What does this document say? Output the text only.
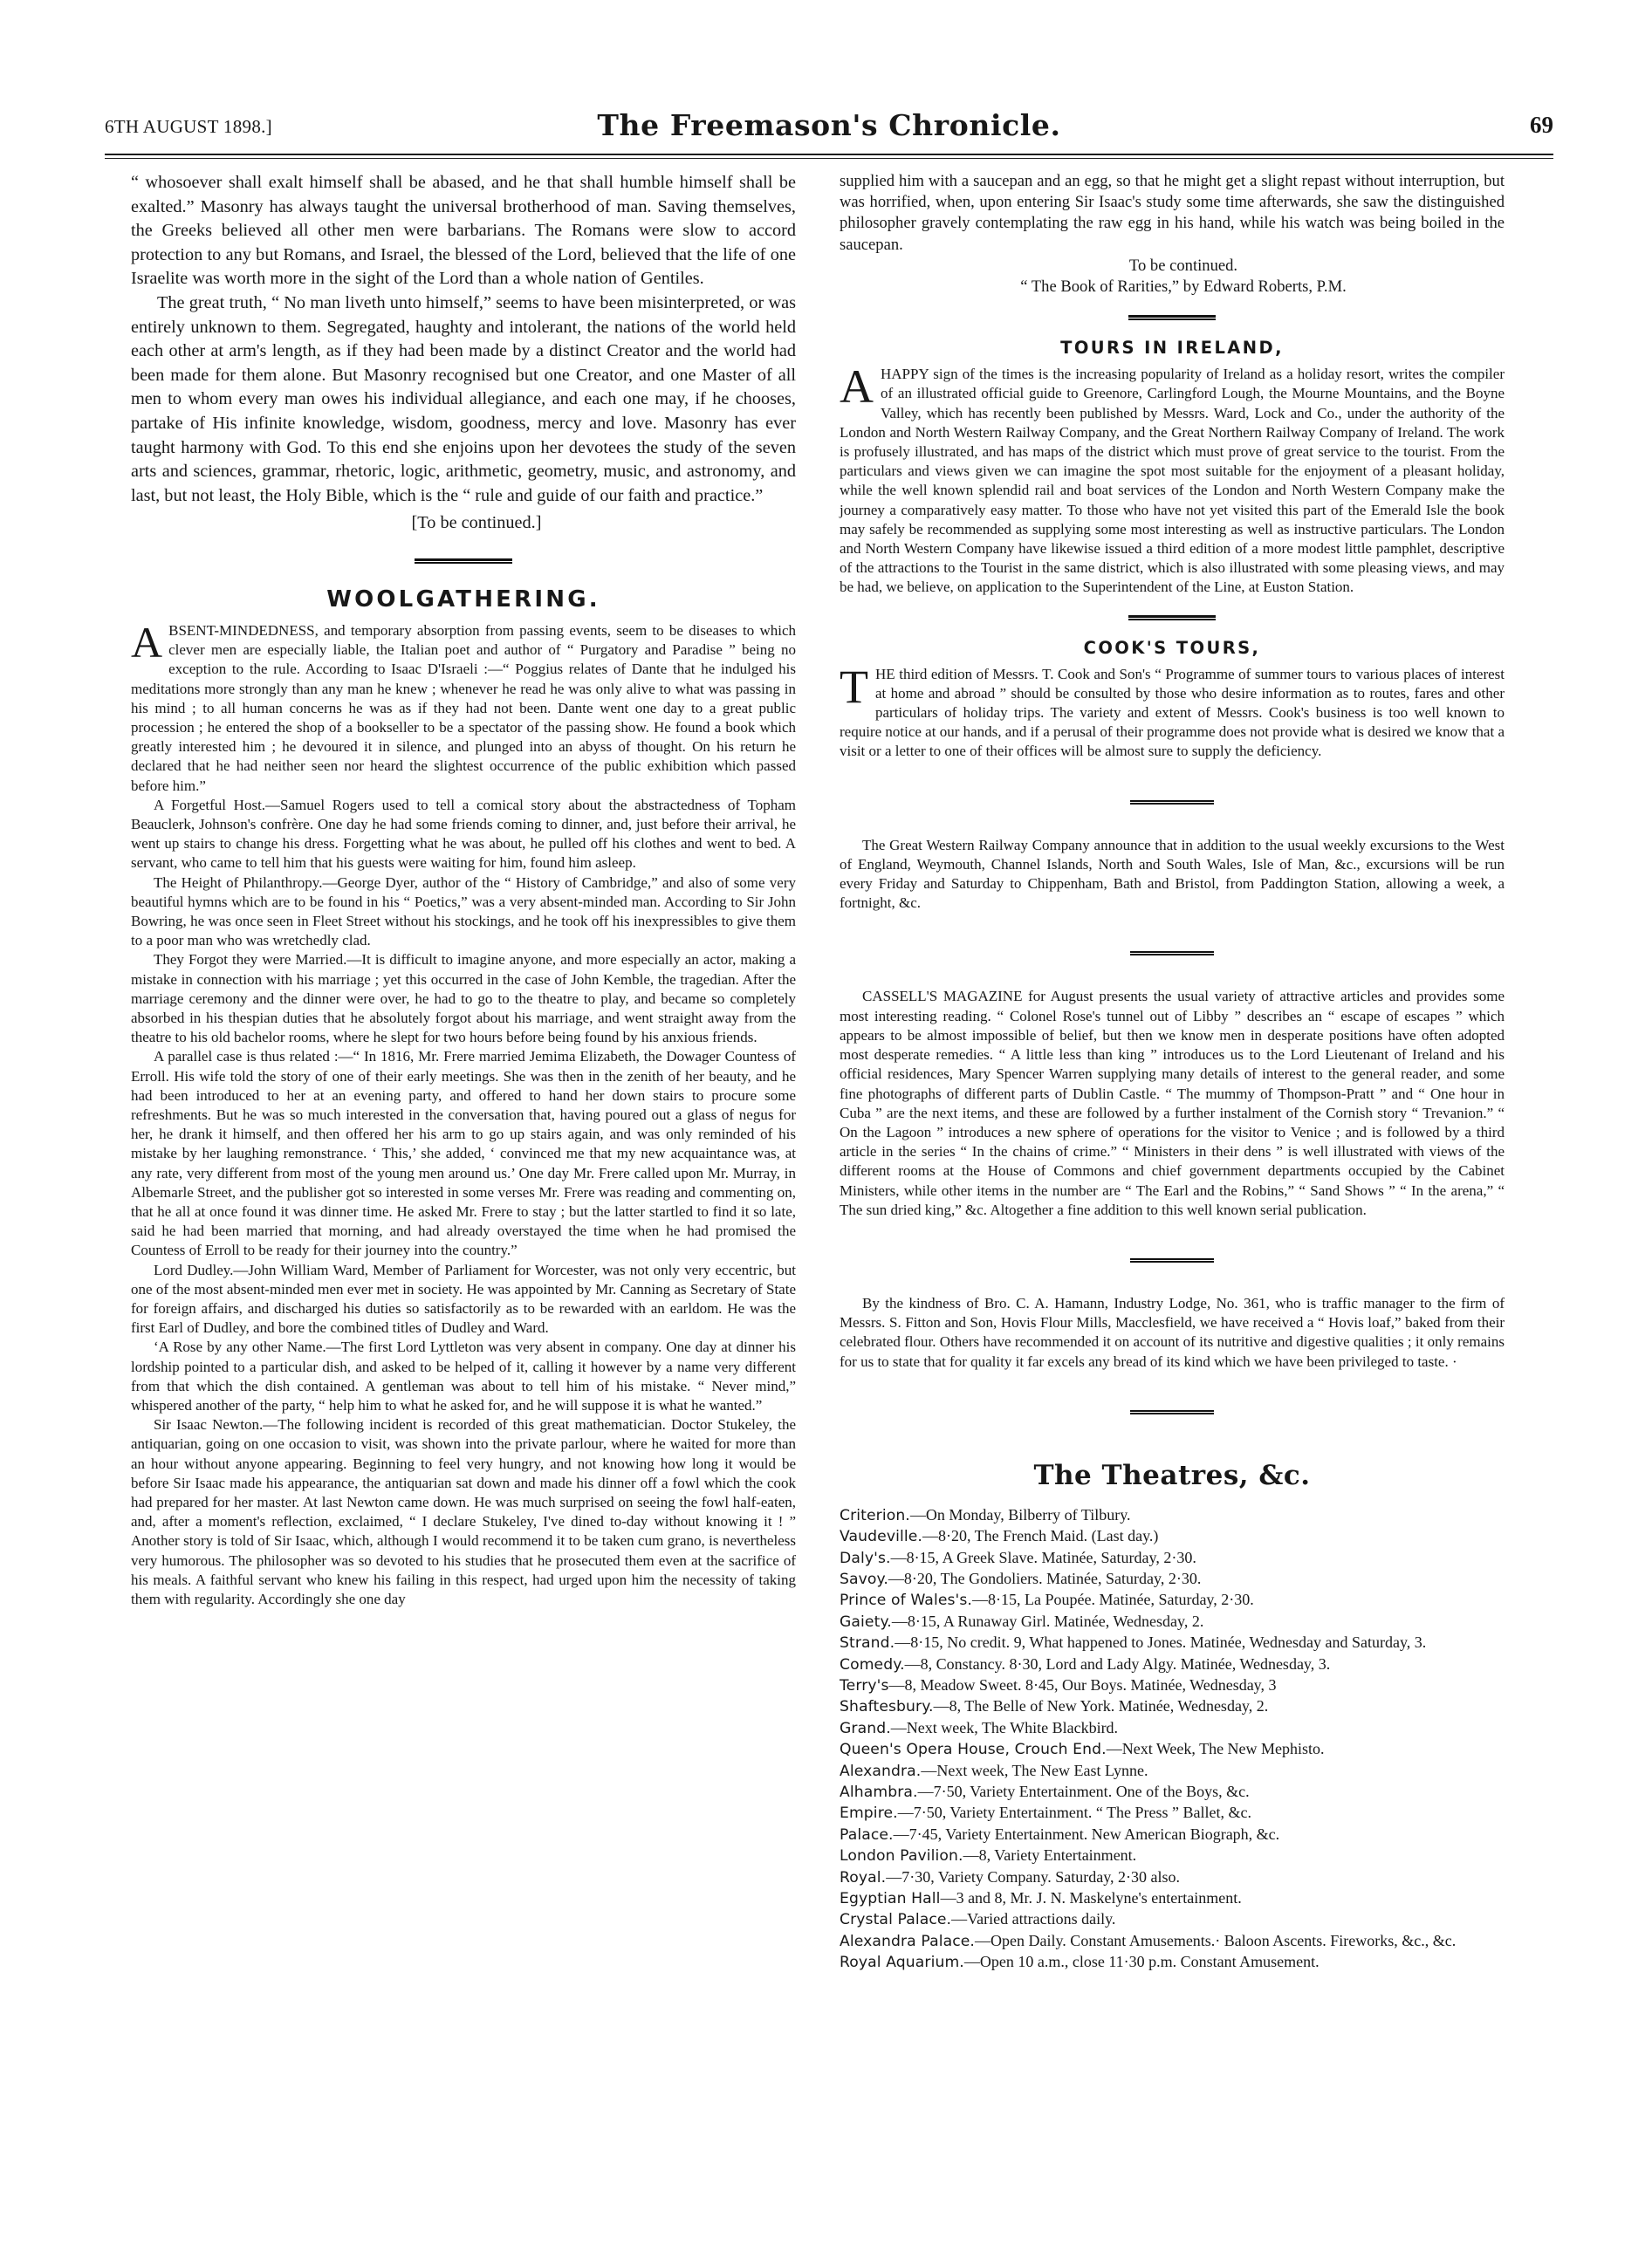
6TH AUGUST 1898.]	The Freemason's Chronicle.	69

“ whosoever shall exalt himself shall be abased, and he that shall humble himself shall be exalted.” Masonry has always taught the universal brotherhood of man. Saving themselves, the Greeks believed all other men were barbarians. The Romans were slow to accord protection to any but Romans, and Israel, the blessed of the Lord, believed that the life of one Israelite was worth more in the sight of the Lord than a whole nation of Gentiles.

The great truth, “ No man liveth unto himself,” seems to have been misinterpreted, or was entirely unknown to them. Segregated, haughty and intolerant, the nations of the world held each other at arm's length, as if they had been made by a distinct Creator and the world had been made for them alone. But Masonry recognised but one Creator, and one Master of all men to whom every man owes his individual allegiance, and each one may, if he chooses, partake of His infinite knowledge, wisdom, goodness, mercy and love. Masonry has ever taught harmony with God. To this end she enjoins upon her devotees the study of the seven arts and sciences, grammar, rhetoric, logic, arithmetic, geometry, music, and astronomy, and last, but not least, the Holy Bible, which is the “ rule and guide of our faith and practice.”

[To be continued.]

WOOLGATHERING.

ABSENT-MINDEDNESS, and temporary absorption from passing events, seem to be diseases to which clever men are especially liable, the Italian poet and author of “ Purgatory and Paradise ” being no exception to the rule. According to Isaac D'Israeli :—“ Poggius relates of Dante that he indulged his meditations more strongly than any man he knew ; whenever he read he was only alive to what was passing in his mind ; to all human concerns he was as if they had not been. Dante went one day to a great public procession ; he entered the shop of a bookseller to be a spectator of the passing show. He found a book which greatly interested him ; he devoured it in silence, and plunged into an abyss of thought. On his return he declared that he had neither seen nor heard the slightest occurrence of the public exhibition which passed before him.”

A Forgetful Host.—Samuel Rogers used to tell a comical story about the abstractedness of Topham Beauclerk, Johnson's confrère. One day he had some friends coming to dinner, and, just before their arrival, he went up stairs to change his dress. Forgetting what he was about, he pulled off his clothes and went to bed. A servant, who came to tell him that his guests were waiting for him, found him asleep.

The Height of Philanthropy.—George Dyer, author of the “ History of Cambridge,” and also of some very beautiful hymns which are to be found in his “ Poetics,” was a very absent-minded man. According to Sir John Bowring, he was once seen in Fleet Street without his stockings, and he took off his inexpressibles to give them to a poor man who was wretchedly clad.

They Forgot they were Married.—It is difficult to imagine anyone, and more especially an actor, making a mistake in connection with his marriage ; yet this occurred in the case of John Kemble, the tragedian. After the marriage ceremony and the dinner were over, he had to go to the theatre to play, and became so completely absorbed in his thespian duties that he absolutely forgot about his marriage, and went straight away from the theatre to his old bachelor rooms, where he slept for two hours before being found by his anxious friends.

A parallel case is thus related :—“ In 1816, Mr. Frere married Jemima Elizabeth, the Dowager Countess of Erroll. His wife told the story of one of their early meetings. She was then in the zenith of her beauty, and he had been introduced to her at an evening party, and offered to hand her down stairs to procure some refreshments. But he was so much interested in the conversation that, having poured out a glass of negus for her, he drank it himself, and then offered her his arm to go up stairs again, and was only reminded of his mistake by her laughing remonstrance. ‘ This,’ she added, ‘ convinced me that my new acquaintance was, at any rate, very different from most of the young men around us.’ One day Mr. Frere called upon Mr. Murray, in Albemarle Street, and the publisher got so interested in some verses Mr. Frere was reading and commenting on, that he all at once found it was dinner time. He asked Mr. Frere to stay ; but the latter startled to find it so late, said he had been married that morning, and had already overstayed the time when he had promised the Countess of Erroll to be ready for their journey into the country.”

Lord Dudley.—John William Ward, Member of Parliament for Worcester, was not only very eccentric, but one of the most absent-minded men ever met in society. He was appointed by Mr. Canning as Secretary of State for foreign affairs, and discharged his duties so satisfactorily as to be rewarded with an earldom. He was the first Earl of Dudley, and bore the combined titles of Dudley and Ward.

‘A Rose by any other Name.—The first Lord Lyttleton was very absent in company. One day at dinner his lordship pointed to a particular dish, and asked to be helped of it, calling it however by a name very different from that which the dish contained. A gentleman was about to tell him of his mistake. “ Never mind,” whispered another of the party, “ help him to what he asked for, and he will suppose it is what he wanted.”

Sir Isaac Newton.—The following incident is recorded of this great mathematician. Doctor Stukeley, the antiquarian, going on one occasion to visit, was shown into the private parlour, where he waited for more than an hour without anyone appearing. Beginning to feel very hungry, and not knowing how long it would be before Sir Isaac made his appearance, the antiquarian sat down and made his dinner off a fowl which the cook had prepared for her master. At last Newton came down. He was much surprised on seeing the fowl half-eaten, and, after a moment's reflection, exclaimed, “ I declare Stukeley, I've dined to-day without knowing it ! ” Another story is told of Sir Isaac, which, although I would recommend it to be taken cum grano, is nevertheless very humorous. The philosopher was so devoted to his studies that he prosecuted them even at the sacrifice of his meals. A faithful servant who knew his failing in this respect, had urged upon him the necessity of taking them with regularity. Accordingly she one day

supplied him with a saucepan and an egg, so that he might get a slight repast without interruption, but was horrified, when, upon entering Sir Isaac's study some time afterwards, she saw the distinguished philosopher gravely contemplating the raw egg in his hand, while his watch was being boiled in the saucepan.

To be continued.

“ The Book of Rarities,” by Edward Roberts, P.M.

TOURS IN IRELAND,

AHAPPY sign of the times is the increasing popularity of Ireland as a holiday resort, writes the compiler of an illustrated official guide to Greenore, Carlingford Lough, the Mourne Mountains, and the Boyne Valley, which has recently been published by Messrs. Ward, Lock and Co., under the authority of the London and North Western Railway Company, and the Great Northern Railway Company of Ireland. The work is profusely illustrated, and has maps of the district which must prove of great service to the tourist. From the particulars and views given we can imagine the spot most suitable for the enjoyment of a pleasant holiday, while the well known splendid rail and boat services of the London and North Western Company make the journey a comparatively easy matter. To those who have not yet visited this part of the Emerald Isle the book may safely be recommended as supplying some most interesting as well as instructive particulars. The London and North Western Company have likewise issued a third edition of a more modest little pamphlet, descriptive of the attractions to the Tourist in the same district, which is also illustrated with some pleasing views, and may be had, we believe, on application to the Superintendent of the Line, at Euston Station.

COOK'S TOURS,

THE third edition of Messrs. T. Cook and Son's “ Programme of summer tours to various places of interest at home and abroad ” should be consulted by those who desire information as to routes, fares and other particulars of holiday trips. The variety and extent of Messrs. Cook's business is too well known to require notice at our hands, and if a perusal of their programme does not provide what is desired we know that a visit or a letter to one of their offices will be almost sure to supply the deficiency.

The Great Western Railway Company announce that in addition to the usual weekly excursions to the West of England, Weymouth, Channel Islands, North and South Wales, Isle of Man, &c., excursions will be run every Friday and Saturday to Chippenham, Bath and Bristol, from Paddington Station, allowing a week, a fortnight, &c.

CASSELL'S MAGAZINE for August presents the usual variety of attractive articles and provides some most interesting reading. “ Colonel Rose's tunnel out of Libby ” describes an “ escape of escapes ” which appears to be almost impossible of belief, but then we know men in desperate positions have often adopted most desperate remedies. “ A little less than king ” introduces us to the Lord Lieutenant of Ireland and his official residences, Mary Spencer Warren supplying many details of interest to the general reader, and some fine photographs of different parts of Dublin Castle. “ The mummy of Thompson-Pratt ” and “ One hour in Cuba ” are the next items, and these are followed by a further instalment of the Cornish story “ Trevanion.” “ On the Lagoon ” introduces a new sphere of operations for the visitor to Venice ; and is followed by a third article in the series “ In the chains of crime.” “ Ministers in their dens ” is well illustrated with views of the different rooms at the House of Commons and chief government departments occupied by the Cabinet Ministers, while other items in the number are “ The Earl and the Robins,” “ Sand Shows ” “ In the arena,” “ The sun dried king,” &c. Altogether a fine addition to this well known serial publication.

By the kindness of Bro. C. A. Hamann, Industry Lodge, No. 361, who is traffic manager to the firm of Messrs. S. Fitton and Son, Hovis Flour Mills, Macclesfield, we have received a “ Hovis loaf,” baked from their celebrated flour. Others have recommended it on account of its nutritive and digestive qualities ; it only remains for us to state that for quality it far excels any bread of its kind which we have been privileged to taste. ·

The Theatres, &c.
Criterion.—On Monday, Bilberry of Tilbury.
Vaudeville.—8·20, The French Maid. (Last day.)
Daly's.—8·15, A Greek Slave. Matinée, Saturday, 2·30.
Savoy.—8·20, The Gondoliers. Matinée, Saturday, 2·30.
Prince of Wales's.—8·15, La Poupée. Matinée, Saturday, 2·30.
Gaiety.—8·15, A Runaway Girl. Matinée, Wednesday, 2.
Strand.—8·15, No credit. 9, What happened to Jones. Matinée, Wednesday and Saturday, 3.
Comedy.—8, Constancy. 8·30, Lord and Lady Algy. Matinée, Wednesday, 3.
Terry's—8, Meadow Sweet. 8·45, Our Boys. Matinée, Wednesday, 3
Shaftesbury.—8, The Belle of New York. Matinée, Wednesday, 2.
Grand.—Next week, The White Blackbird.
Queen's Opera House, Crouch End.—Next Week, The New Mephisto.
Alexandra.—Next week, The New East Lynne.
Alhambra.—7·50, Variety Entertainment. One of the Boys, &c.
Empire.—7·50, Variety Entertainment. “ The Press ” Ballet, &c.
Palace.—7·45, Variety Entertainment. New American Biograph, &c.
London Pavilion.—8, Variety Entertainment.
Royal.—7·30, Variety Company. Saturday, 2·30 also.
Egyptian Hall—3 and 8, Mr. J. N. Maskelyne's entertainment.
Crystal Palace.—Varied attractions daily.
Alexandra Palace.—Open Daily. Constant Amusements.· Baloon Ascents. Fireworks, &c., &c.
Royal Aquarium.—Open 10 a.m., close 11·30 p.m. Constant Amusement.
